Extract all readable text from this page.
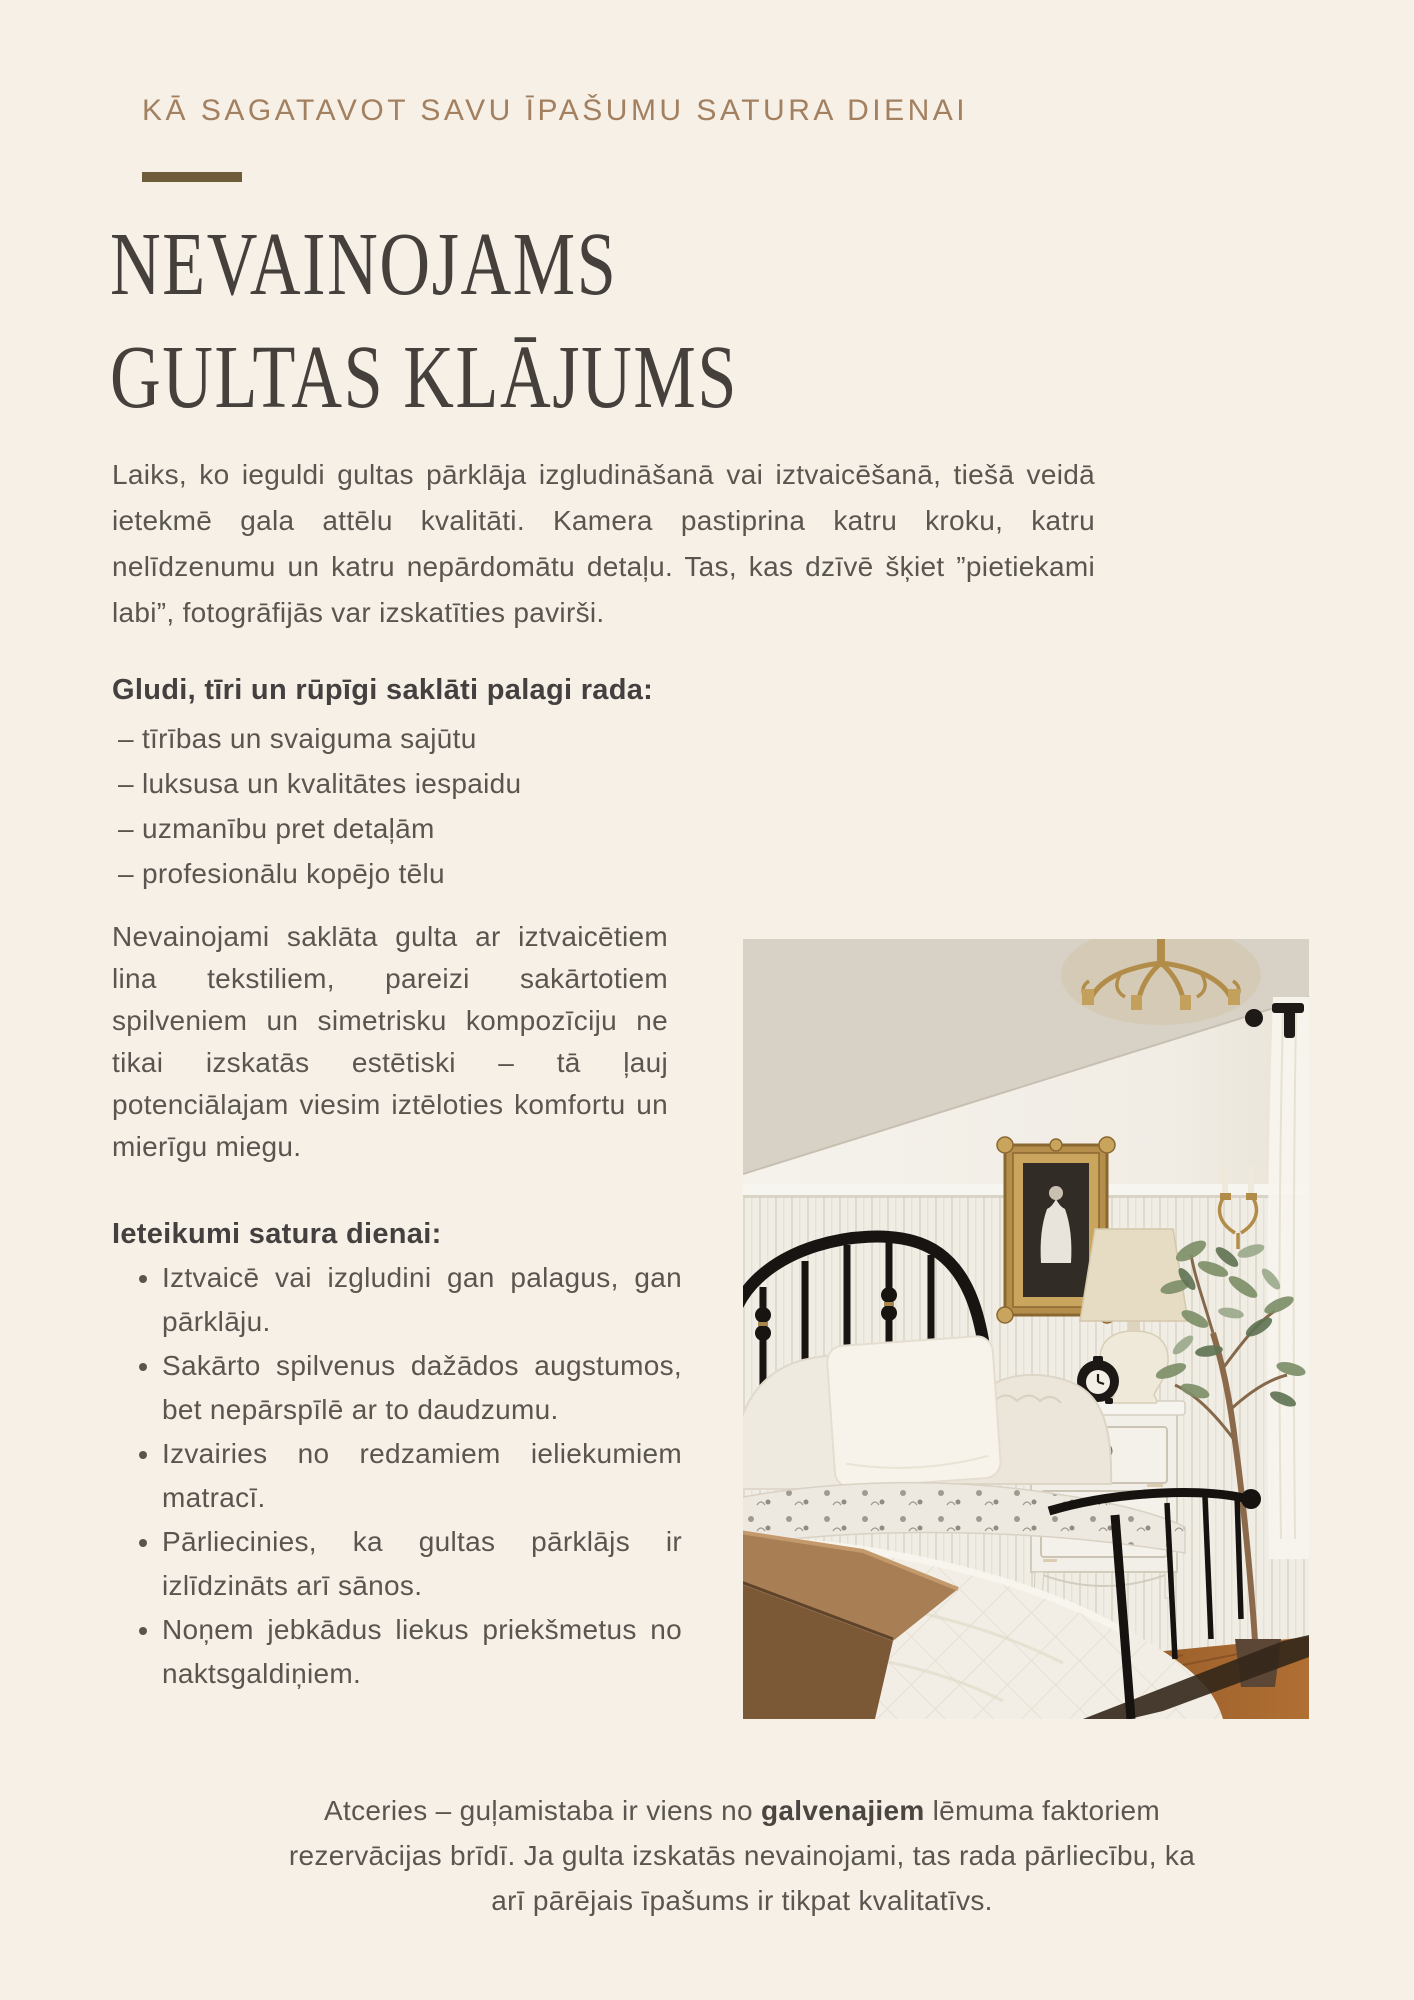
KĀ SAGATAVOT SAVU ĪPAŠUMU SATURA DIENAI
NEVAINOJAMS
GULTAS KLĀJUMS
Laiks, ko ieguldi gultas pārklāja izgludināšanā vai iztvaicēšanā, tiešā veidā ietekmē gala attēlu kvalitāti. Kamera pastiprina katru kroku, katru nelīdzenumu un katru nepārdomātu detaļu. Tas, kas dzīvē šķiet ”pietiekami labi”, fotogrāfijās var izskatīties pavirši.
Gludi, tīri un rūpīgi saklāti palagi rada:
– tīrības un svaiguma sajūtu
– luksusa un kvalitātes iespaidu
– uzmanību pret detaļām
– profesionālu kopējo tēlu
Nevainojami saklāta gulta ar iztvaicētiem lina tekstiliem, pareizi sakārtotiem spilveniem un simetrisku kompozīciju ne tikai izskatās estētiski – tā ļauj potenciālajam viesim iztēloties komfortu un mierīgu miegu.
Ieteikumi satura dienai:
• Iztvaicē vai izgludini gan palagus, gan pārklāju.
• Sakārto spilvenus dažādos augstumos, bet nepārspīlē ar to daudzumu.
• Izvairies no redzamiem ieliekumiem matracī.
• Pārliecinies, ka gultas pārklājs ir izlīdzināts arī sānos.
• Noņem jebkādus liekus priekšmetus no naktsgaldiņiem.
Atceries – guļamistaba ir viens no galvenajiem lēmuma faktoriem rezervācijas brīdī. Ja gulta izskatās nevainojami, tas rada pārliecību, ka arī pārējais īpašums ir tikpat kvalitatīvs.
